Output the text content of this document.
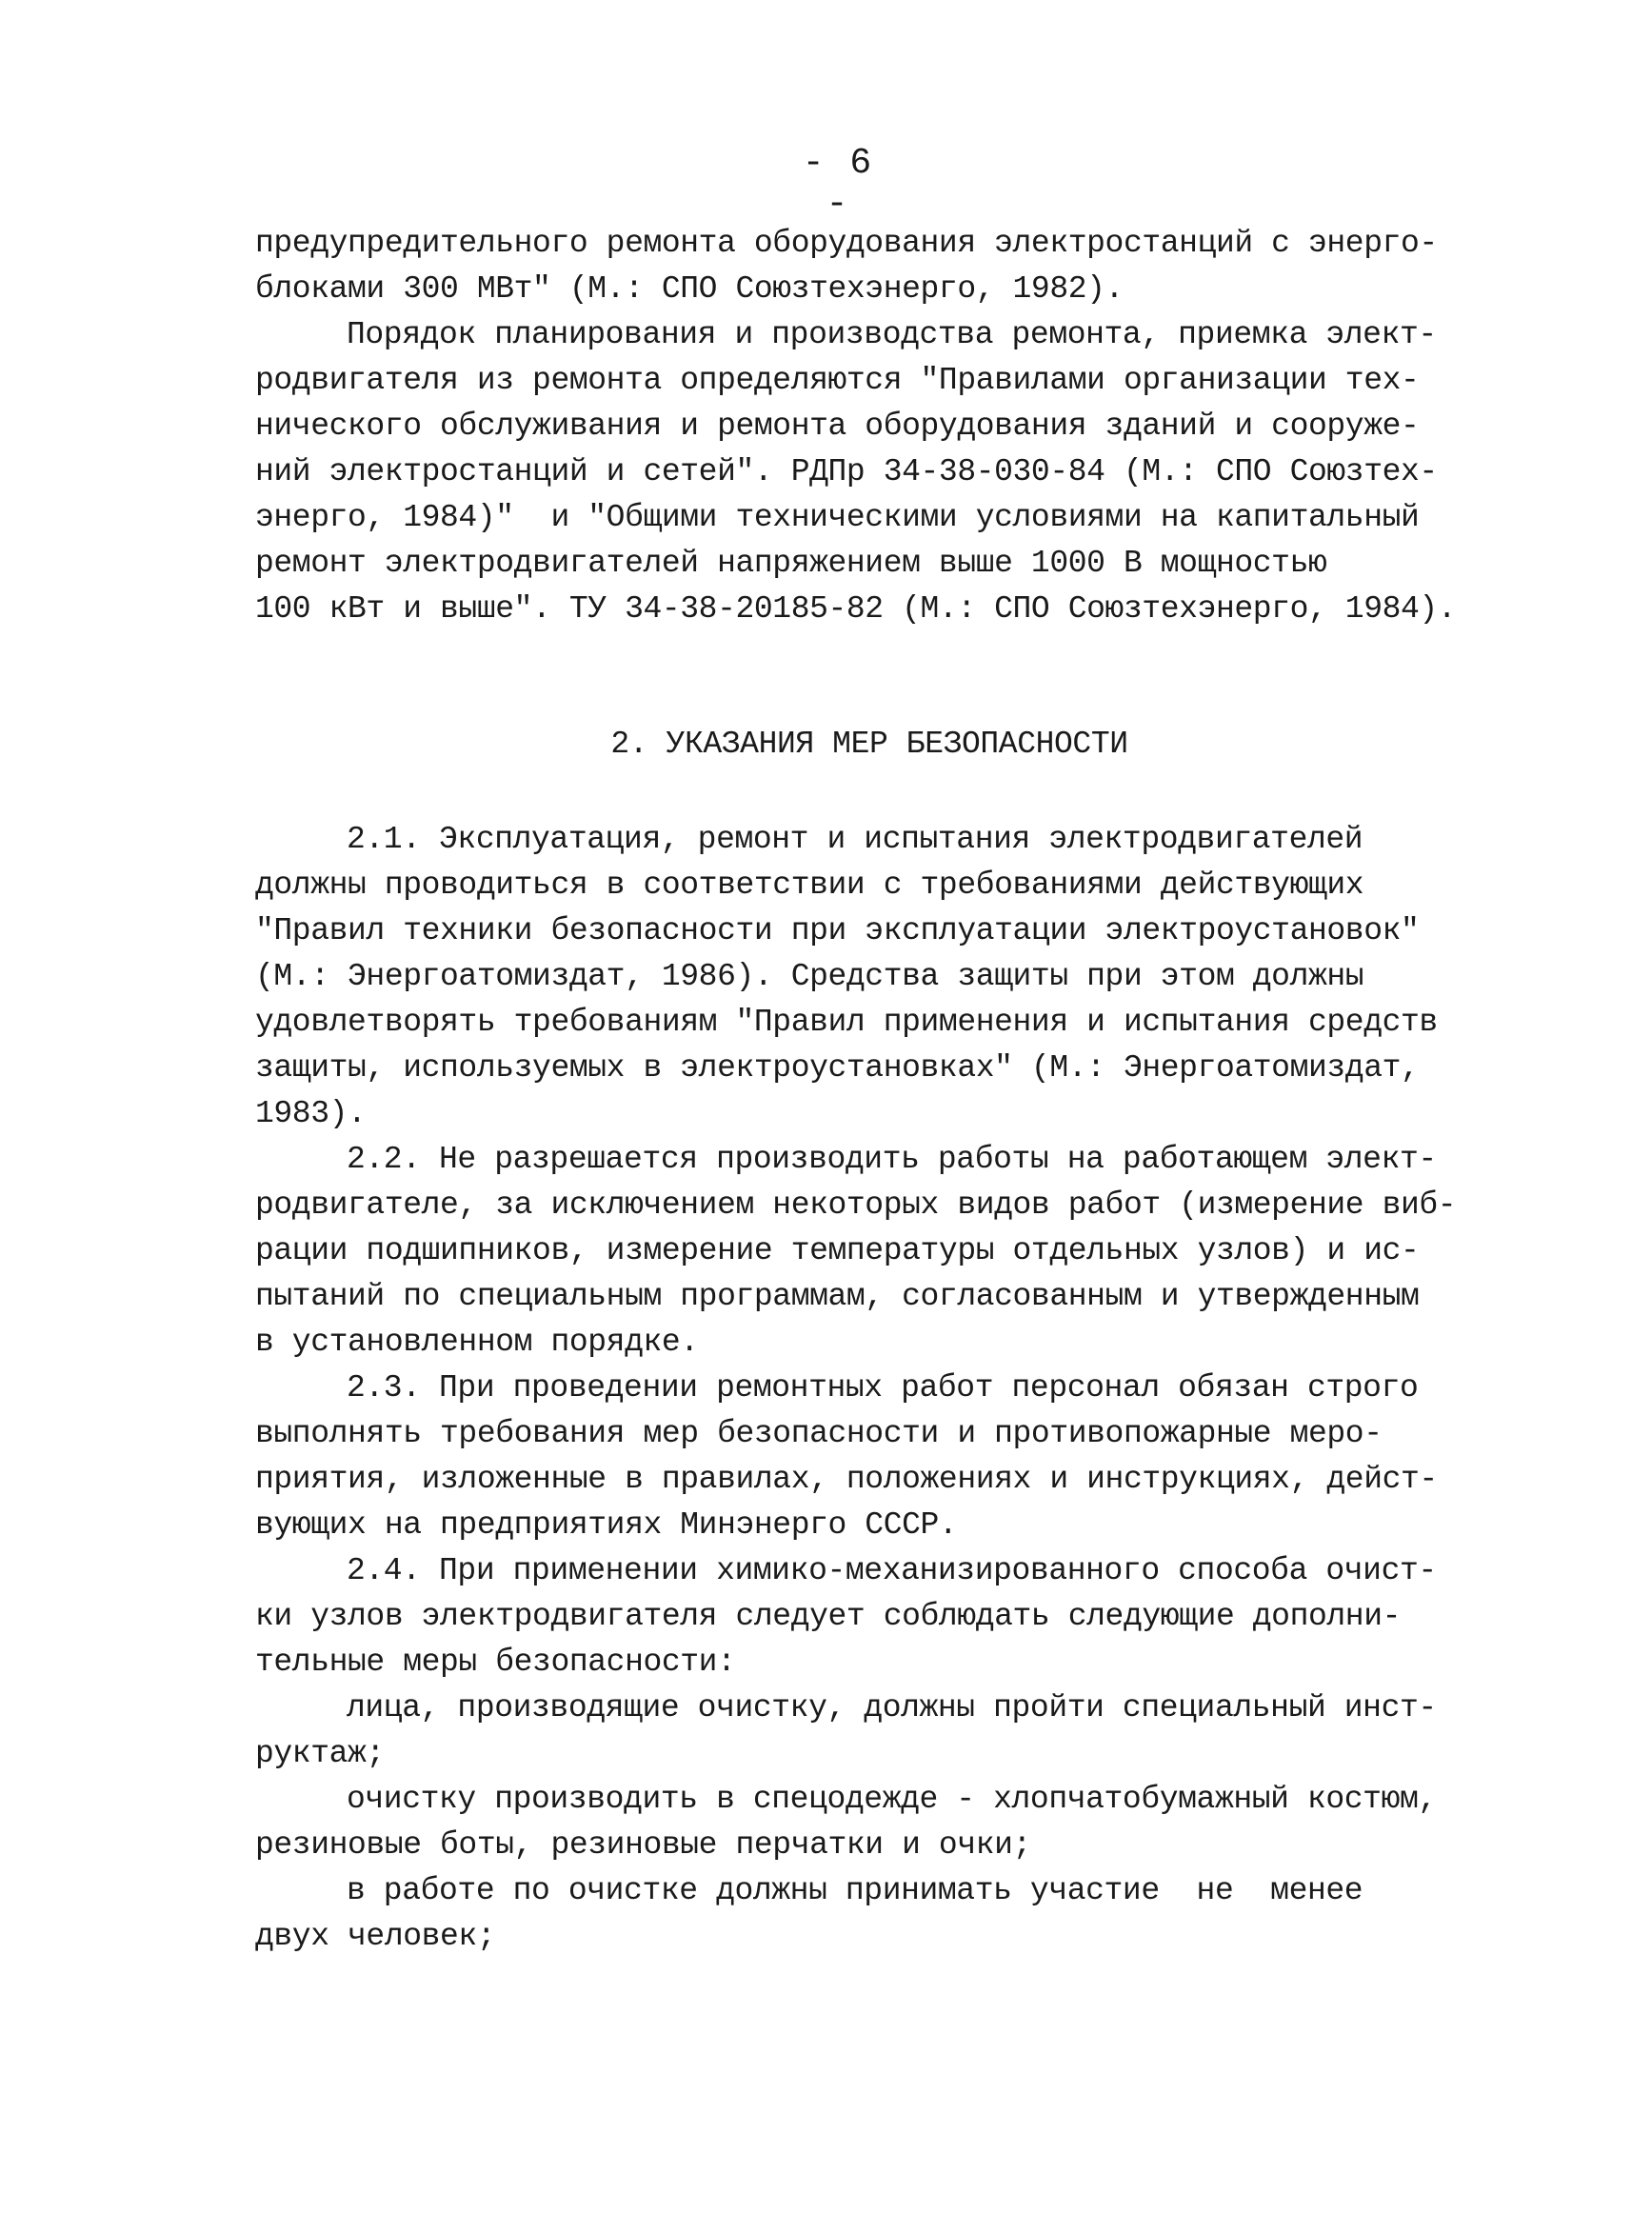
- 6 -
предупредительного ремонта оборудования электростанций с энерго-
блоками 300 МВт" (М.: СПО Союзтехэнерго, 1982).
Порядок планирования и производства ремонта, приемка элект-
родвигателя из ремонта определяются "Правилами организации тех-
нического обслуживания и ремонта оборудования зданий и сооруже-
ний электростанций и сетей". РДПр 34-38-030-84 (М.: СПО Союзтех-
энерго, 1984)"  и "Общими техническими условиями на капитальный
ремонт электродвигателей напряжением выше 1000 В мощностью
100 кВт и выше". ТУ 34-38-20185-82 (М.: СПО Союзтехэнерго, 1984).
2. УКАЗАНИЯ МЕР БЕЗОПАСНОСТИ
2.1. Эксплуатация, ремонт и испытания электродвигателей
должны проводиться в соответствии с требованиями действующих
"Правил техники безопасности при эксплуатации электроустановок"
(М.: Энергоатомиздат, 1986). Средства защиты при этом должны
удовлетворять требованиям "Правил применения и испытания средств
защиты, используемых в электроустановках" (М.: Энергоатомиздат,
1983).
2.2. Не разрешается производить работы на работающем элект-
родвигателе, за исключением некоторых видов работ (измерение виб-
рации подшипников, измерение температуры отдельных узлов) и ис-
пытаний по специальным программам, согласованным и утвержденным
в установленном порядке.
2.3. При проведении ремонтных работ персонал обязан строго
выполнять требования мер безопасности и противопожарные меро-
приятия, изложенные в правилах, положениях и инструкциях, дейст-
вующих на предприятиях Минэнерго СССР.
2.4. При применении химико-механизированного способа очист-
ки узлов электродвигателя следует соблюдать следующие дополни-
тельные меры безопасности:
лица, производящие очистку, должны пройти специальный инст-
руктаж;
очистку производить в спецодежде - хлопчатобумажный костюм,
резиновые боты, резиновые перчатки и очки;
в работе по очистке должны принимать участие  не  менее
двух человек;
